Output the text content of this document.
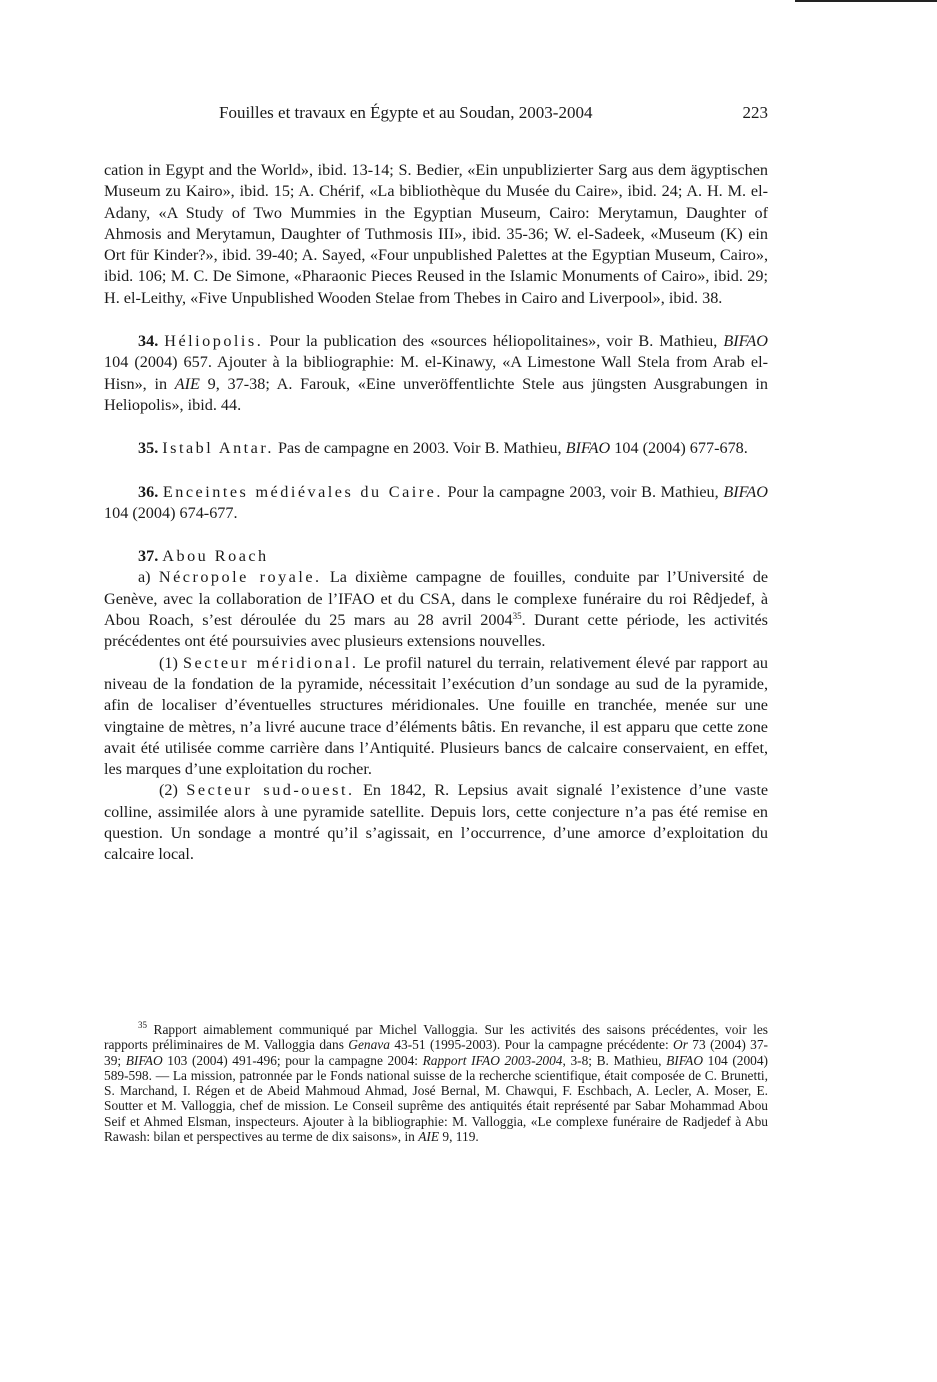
Fouilles et travaux en Égypte et au Soudan, 2003-2004	223

cation in Egypt and the World», ibid. 13-14; S. Bedier, «Ein unpublizierter Sarg aus dem ägyptischen Museum zu Kairo», ibid. 15; A. Chérif, «La bibliothèque du Musée du Caire», ibid. 24; A. H. M. el-Adany, «A Study of Two Mummies in the Egyptian Museum, Cairo: Merytamun, Daughter of Ahmosis and Merytamun, Daughter of Tuthmosis III», ibid. 35-36; W. el-Sadeek, «Museum (K) ein Ort für Kinder?», ibid. 39-40; A. Sayed, «Four unpublished Palettes at the Egyptian Museum, Cairo», ibid. 106; M. C. De Simone, «Pharaonic Pieces Reused in the Islamic Monuments of Cairo», ibid. 29; H. el-Leithy, «Five Unpublished Wooden Stelae from Thebes in Cairo and Liverpool», ibid. 38.

34. Héliopolis. Pour la publication des «sources héliopolitaines», voir B. Mathieu, BIFAO 104 (2004) 657. Ajouter à la bibliographie: M. el-Kinawy, «A Limestone Wall Stela from Arab el-Hisn», in AIE 9, 37-38; A. Farouk, «Eine unveröffentlichte Stele aus jüngsten Ausgrabungen in Heliopolis», ibid. 44.

35. Istabl Antar. Pas de campagne en 2003. Voir B. Mathieu, BIFAO 104 (2004) 677-678.

36. Enceintes médiévales du Caire. Pour la campagne 2003, voir B. Mathieu, BIFAO 104 (2004) 674-677.

37. Abou Roach

a) Nécropole royale. La dixième campagne de fouilles, conduite par l’Université de Genève, avec la collaboration de l’IFAO et du CSA, dans le complexe funéraire du roi Rêdjedef, à Abou Roach, s’est déroulée du 25 mars au 28 avril 2004$^{35}$. Durant cette période, les activités précédentes ont été poursuivies avec plusieurs extensions nouvelles.

(1) Secteur méridional. Le profil naturel du terrain, relativement élevé par rapport au niveau de la fondation de la pyramide, nécessitait l’exécution d’un sondage au sud de la pyramide, afin de localiser d’éventuelles structures méridionales. Une fouille en tranchée, menée sur une vingtaine de mètres, n’a livré aucune trace d’éléments bâtis. En revanche, il est apparu que cette zone avait été utilisée comme carrière dans l’Antiquité. Plusieurs bancs de calcaire conservaient, en effet, les marques d’une exploitation du rocher.

(2) Secteur sud-ouest. En 1842, R. Lepsius avait signalé l’existence d’une vaste colline, assimilée alors à une pyramide satellite. Depuis lors, cette conjecture n’a pas été remise en question. Un sondage a montré qu’il s’agissait, en l’occurrence, d’une amorce d’exploitation du calcaire local.

$^{35}$ Rapport aimablement communiqué par Michel Valloggia. Sur les activités des saisons précédentes, voir les rapports préliminaires de M. Valloggia dans Genava 43-51 (1995-2003). Pour la campagne précédente: Or 73 (2004) 37-39; BIFAO 103 (2004) 491-496; pour la campagne 2004: Rapport IFAO 2003-2004, 3-8; B. Mathieu, BIFAO 104 (2004) 589-598. — La mission, patronnée par le Fonds national suisse de la recherche scientifique, était composée de C. Brunetti, S. Marchand, I. Régen et de Abeid Mahmoud Ahmad, José Bernal, M. Chawqui, F. Eschbach, A. Lecler, A. Moser, E. Soutter et M. Valloggia, chef de mission. Le Conseil suprême des antiquités était représenté par Sabar Mohammad Abou Seif et Ahmed Elsman, inspecteurs. Ajouter à la bibliographie: M. Valloggia, «Le complexe funéraire de Radjedef à Abu Rawash: bilan et perspectives au terme de dix saisons», in AIE 9, 119.
